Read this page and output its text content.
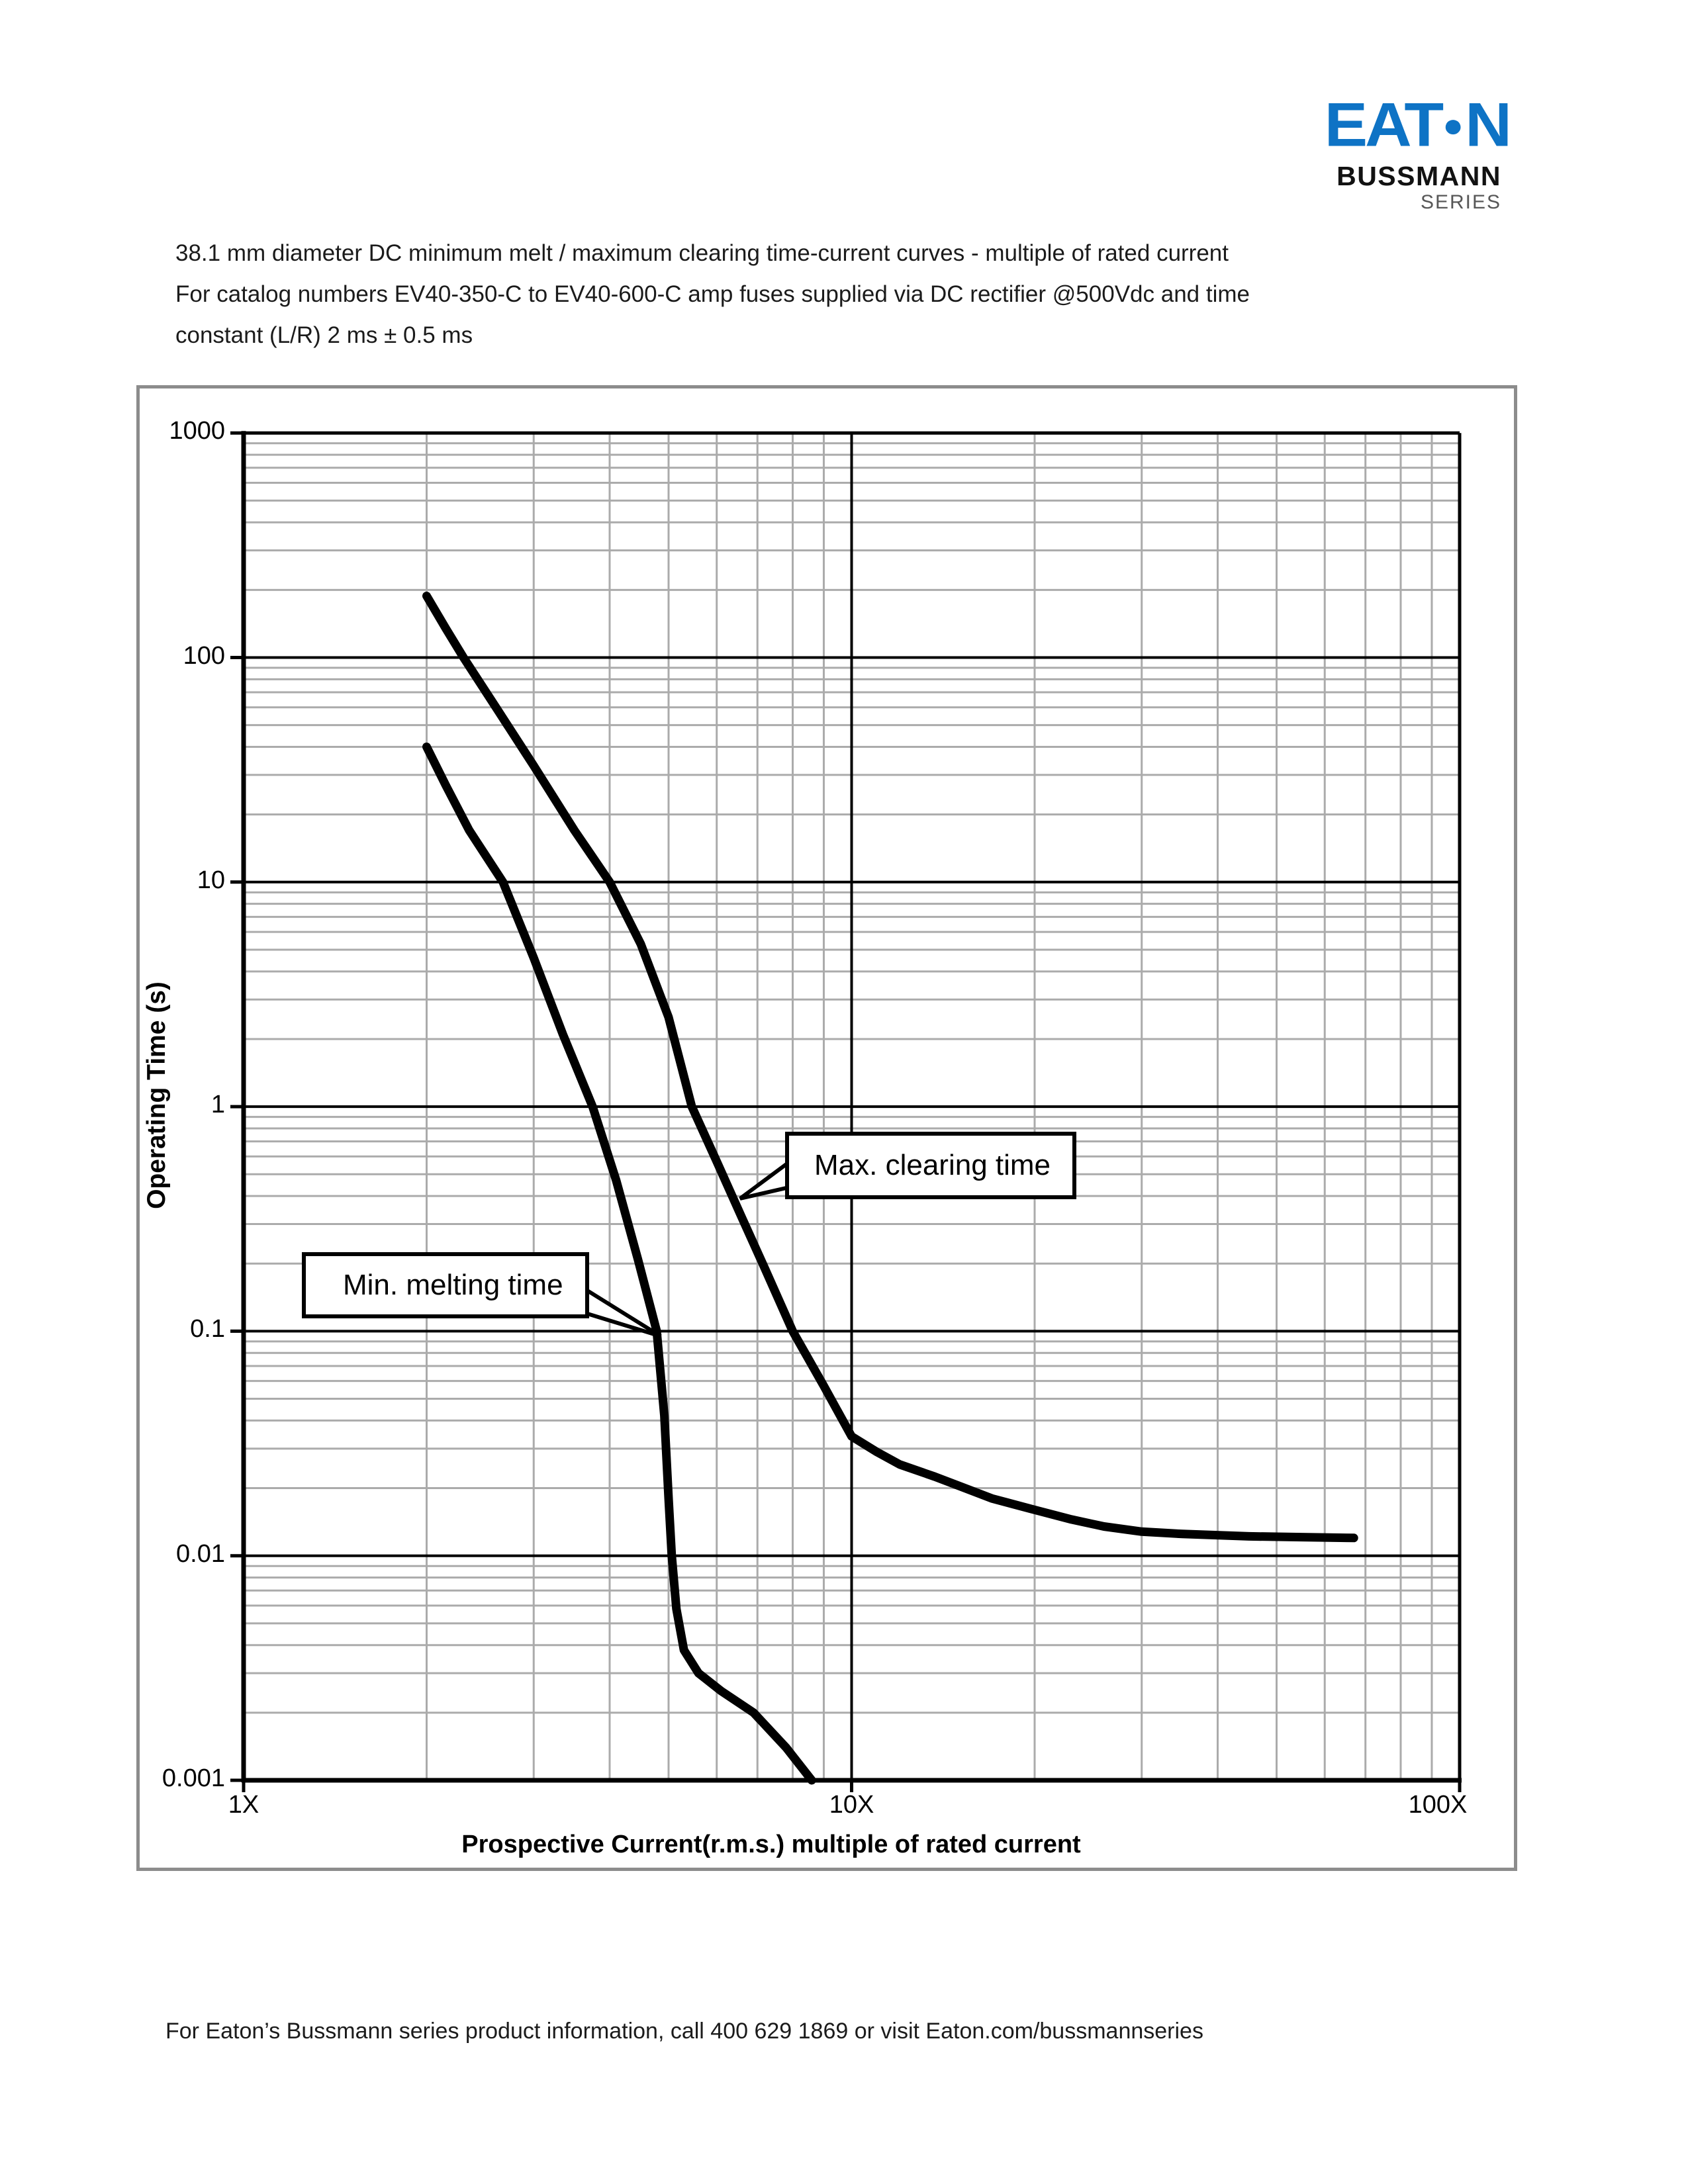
EAT●N
BUSSMANN
SERIES
38.1 mm diameter DC minimum melt / maximum clearing time-current curves - multiple of rated current
For catalog numbers EV40-350-C to EV40-600-C amp fuses supplied via DC rectifier @500Vdc and time
constant (L/R) 2 ms ± 0.5 ms
Operating Time (s)
Prospective Current(r.m.s.) multiple of rated current
1000
100
10
1
0.1
0.01
0.001
1X	10X	100X
Max. clearing time
Min. melting time
For Eaton’s Bussmann series product information, call 400 629 1869 or visit Eaton.com/bussmannseries
